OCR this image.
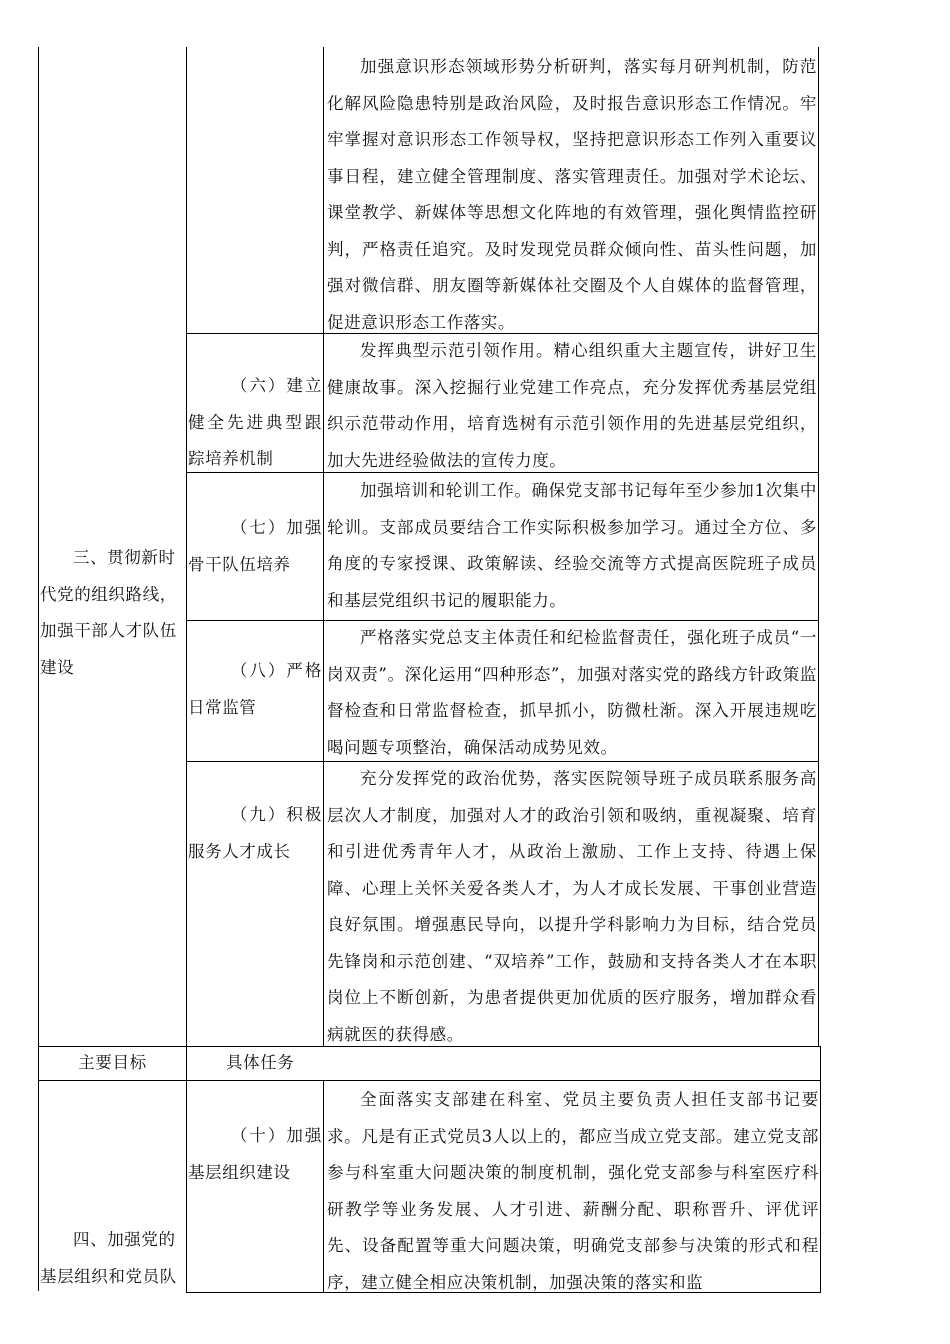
加强意识形态领域形势分析研判，落实每月研判机制，防范化解风险隐患特别是政治风险，及时报告意识形态工作情况。牢牢掌握对意识形态工作领导权，坚持把意识形态工作列入重要议事日程，建立健全管理制度、落实管理责任。加强对学术论坛、课堂教学、新媒体等思想文化阵地的有效管理，强化舆情监控研判，严格责任追究。及时发现党员群众倾向性、苗头性问题，加强对微信群、朋友圈等新媒体社交圈及个人自媒体的监督管理，促进意识形态工作落实。

（六）建立健全先进典型跟踪培养机制

发挥典型示范引领作用。精心组织重大主题宣传，讲好卫生健康故事。深入挖掘行业党建工作亮点，充分发挥优秀基层党组织示范带动作用，培育选树有示范引领作用的先进基层党组织，加大先进经验做法的宣传力度。

（七）加强骨干队伍培养

加强培训和轮训工作。确保党支部书记每年至少参加1次集中轮训。支部成员要结合工作实际积极参加学习。通过全方位、多角度的专家授课、政策解读、经验交流等方式提高医院班子成员和基层党组织书记的履职能力。

（八）严格日常监管

严格落实党总支主体责任和纪检监督责任，强化班子成员“一岗双责”。深化运用“四种形态”，加强对落实党的路线方针政策监督检查和日常监督检查，抓早抓小，防微杜渐。深入开展违规吃喝问题专项整治，确保活动成势见效。

（九）积极服务人才成长

充分发挥党的政治优势，落实医院领导班子成员联系服务高层次人才制度，加强对人才的政治引领和吸纳，重视凝聚、培育和引进优秀青年人才，从政治上激励、工作上支持、待遇上保障、心理上关怀关爱各类人才，为人才成长发展、干事创业营造良好氛围。增强惠民导向，以提升学科影响力为目标，结合党员先锋岗和示范创建、“双培养”工作，鼓励和支持各类人才在本职岗位上不断创新，为患者提供更加优质的医疗服务，增加群众看病就医的获得感。

三、贯彻新时代党的组织路线，加强干部人才队伍建设

主要目标	具体任务

（十）加强基层组织建设

全面落实支部建在科室、党员主要负责人担任支部书记要求。凡是有正式党员3人以上的，都应当成立党支部。建立党支部参与科室重大问题决策的制度机制，强化党支部参与科室医疗科研教学等业务发展、人才引进、薪酬分配、职称晋升、评优评先、设备配置等重大问题决策，明确党支部参与决策的形式和程序，建立健全相应决策机制，加强决策的落实和监

四、加强党的基层组织和党员队
